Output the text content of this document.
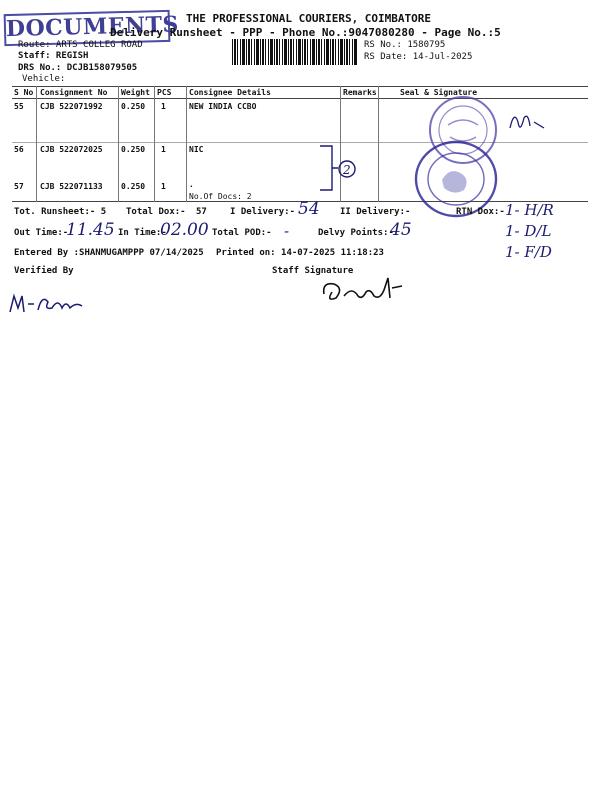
DOCUMENTS THE PROFESSIONAL COURIERS, COIMBATORE
Delivery Runsheet - PPP - Phone No.:9047080280 - Page No.:5
Route: ARTS COLLEG ROAD
Staff: REGISH
DRS No.: DCJB158079505
Vehicle:
RS No.: 1580795
RS Date: 14-Jul-2025
S No Consignment No Weight PCS Consignee Details	Remarks	Seal & Signature
55 CJB 522071992 0.250 1	NEW INDIA CCBO
56 CJB 522072025 0.250 1	NIC
57 CJB 522071133 0.250 1	.
No.Of Docs: 2
2
Tot. Runsheet:- 5 Total Dox:- 57	I Delivery:- 54 II Delivery:-	RTN Dox:- 1- H/R
Out Time:-
11.45 In Time:-
02.00 Total POD:- -	Delvy Points:-
45	1- D/L
Entered By :SHANMUGAMPPP 07/14/2025 Printed on: 14-07-2025 11:18:23	1- F/D
Verified By	Staff Signature
